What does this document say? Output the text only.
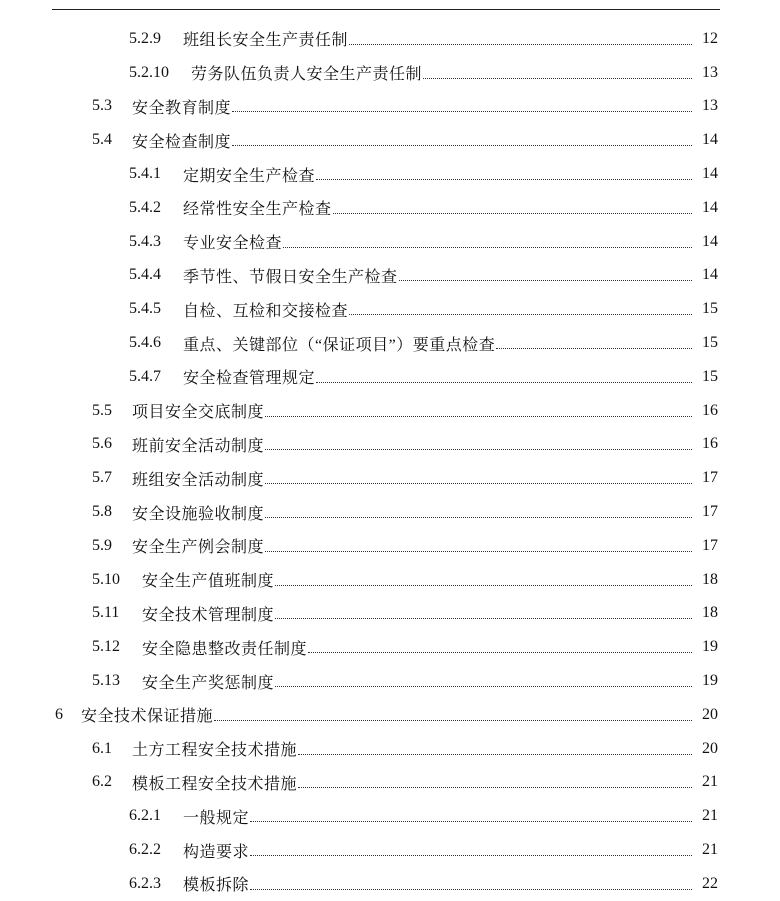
5.2.9	班组长安全生产责任制	12
5.2.10	劳务队伍负责人安全生产责任制	13
5.3	安全教育制度	13
5.4	安全检查制度	14
5.4.1	定期安全生产检查	14
5.4.2	经常性安全生产检查	14
5.4.3	专业安全检查	14
5.4.4	季节性、节假日安全生产检查	14
5.4.5	自检、互检和交接检查	15
5.4.6	重点、关键部位（“保证项目”）要重点检查	15
5.4.7	安全检查管理规定	15
5.5	项目安全交底制度	16
5.6	班前安全活动制度	16
5.7	班组安全活动制度	17
5.8	安全设施验收制度	17
5.9	安全生产例会制度	17
5.10	安全生产值班制度	18
5.11	安全技术管理制度	18
5.12	安全隐患整改责任制度	19
5.13	安全生产奖惩制度	19
6	安全技术保证措施	20
6.1	土方工程安全技术措施	20
6.2	模板工程安全技术措施	21
6.2.1	一般规定	21
6.2.2	构造要求	21
6.2.3	模板拆除	22
